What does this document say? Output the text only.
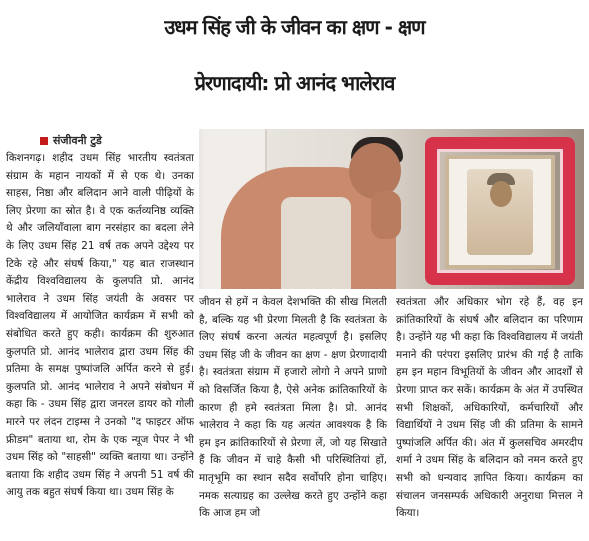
उधम सिंह जी के जीवन का क्षण - क्षण
प्रेरणादायी: प्रो आनंद भालेराव
संजीवनी टुडे
किशनगढ़। शहीद उधम सिंह भारतीय स्वतंत्रता संग्राम के महान नायकों में से एक थे। उनका साहस, निष्ठा और बलिदान आने वाली पीढ़ियों के लिए प्रेरणा का स्रोत है। वे एक कर्तव्यनिष्ठ व्यक्ति थे और जलियाँवाला बाग नरसंहार का बदला लेने के लिए उधम सिंह 21 वर्ष तक अपने उद्देश्य पर टिके रहे और संघर्ष किया," यह बात राजस्थान केंद्रीय विश्वविद्यालय के कुलपति प्रो. आनंद भालेराव ने उधम सिंह जयंती के अवसर पर विश्वविद्यालय में आयोजित कार्यक्रम में सभी को संबोधित करते हुए कही। कार्यक्रम की शुरुआत कुलपति प्रो. आनंद भालेराव द्वारा उधम सिंह की प्रतिमा के समक्ष पुष्पांजलि अर्पित करने से हुई। कुलपति प्रो. आनंद भालेराव ने अपने संबोधन में कहा कि - उधम सिंह द्वारा जनरल डायर को गोली मारने पर लंदन टाइम्स ने उनको "द फाइटर ऑफ फ्रीडम" बताया था, रोम के एक न्यूज पेपर ने भी उधम सिंह को "साहसी" व्यक्ति बताया था। उन्होंने बताया कि शहीद उधम सिंह ने अपनी 51 वर्ष की आयु तक बहुत संघर्ष किया था। उधम सिंह के
जीवन से हमें न केवल देशभक्ति की सीख मिलती है, बल्कि यह भी प्रेरणा मिलती है कि स्वतंत्रता के लिए संघर्ष करना अत्यंत महत्वपूर्ण है। इसलिए उधम सिंह जी के जीवन का क्षण - क्षण प्रेरणादायी है। स्वतंत्रता संग्राम में हजारो लोगो ने अपने प्राणो को विसर्जित किया है, ऐसे अनेक क्रांतिकारियों के कारण ही हमे स्वतंत्रता मिला है। प्रो. आनंद भालेराव ने कहा कि यह अत्यंत आवश्यक है कि हम इन क्रांतिकारियों से प्रेरणा लें, जो यह सिखाते हैं कि जीवन में चाहे कैसी भी परिस्थितियां हों, मातृभूमि का स्थान सदैव सर्वोपरि होना चाहिए। नमक सत्याग्रह का उल्लेख करते हुए उन्होंने कहा कि आज हम जो
स्वतंत्रता और अधिकार भोग रहे हैं, वह इन क्रांतिकारियों के संघर्ष और बलिदान का परिणाम है। उन्होंने यह भी कहा कि विश्वविद्यालय में जयंती मनाने की परंपरा इसलिए प्रारंभ की गई है ताकि हम इन महान विभूतियों के जीवन और आदर्शों से प्रेरणा प्राप्त कर सकें। कार्यक्रम के अंत में उपस्थित सभी शिक्षकों, अधिकारियों, कर्मचारियों और विद्यार्थियों ने उधम सिंह जी की प्रतिमा के सामने पुष्पांजलि अर्पित की। अंत में कुलसचिव अमरदीप शर्मा ने उधम सिंह के बलिदान को नमन करते हुए सभी को धन्यवाद ज्ञापित किया। कार्यक्रम का संचालन जनसम्पर्क अधिकारी अनुराधा मित्तल ने किया।
